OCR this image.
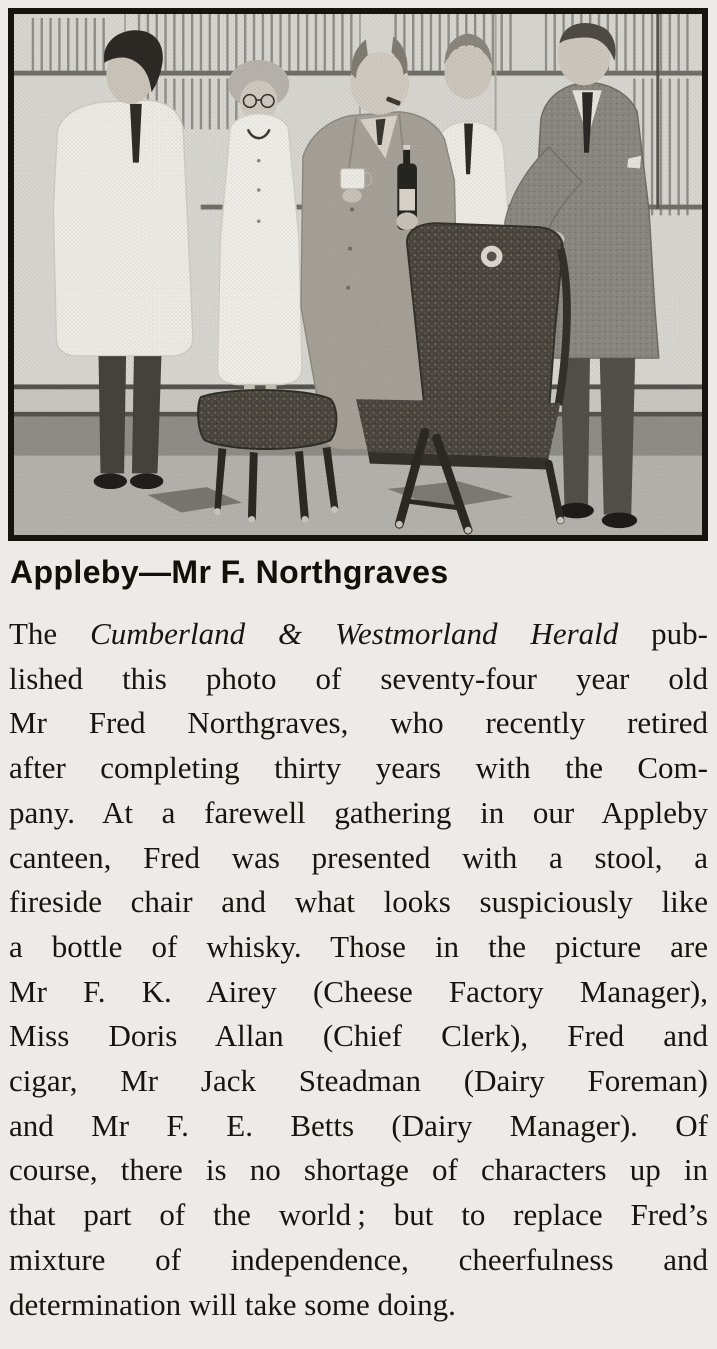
Appleby—Mr F. Northgraves
The Cumberland & Westmorland Herald pub-
lished this photo of seventy-four year old
Mr Fred Northgraves, who recently retired
after completing thirty years with the Com-
pany. At a farewell gathering in our Appleby
canteen, Fred was presented with a stool, a
fireside chair and what looks suspiciously like
a bottle of whisky. Those in the picture are
Mr F. K. Airey (Cheese Factory Manager),
Miss Doris Allan (Chief Clerk), Fred and
cigar, Mr Jack Steadman (Dairy Foreman)
and Mr F. E. Betts (Dairy Manager). Of
course, there is no shortage of characters up in
that part of the world ; but to replace Fred’s
mixture of independence, cheerfulness and
determination will take some doing.
